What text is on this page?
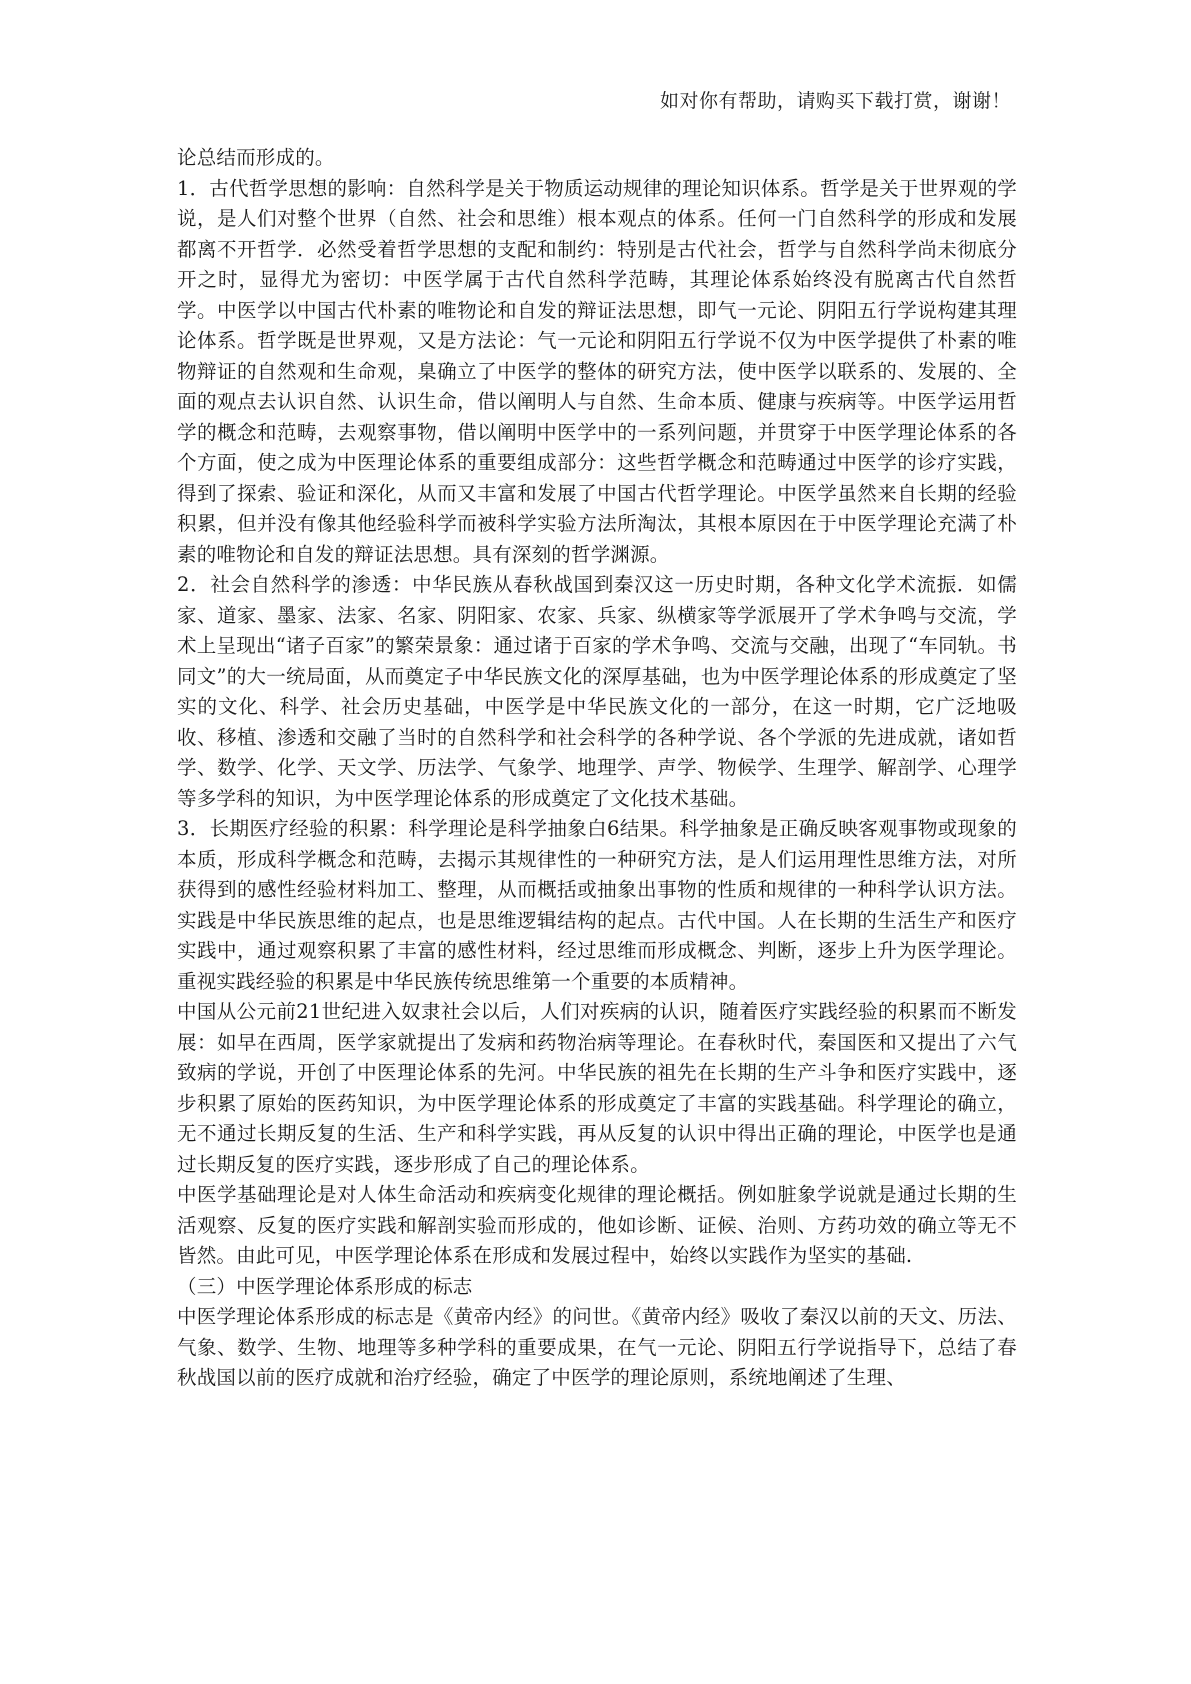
如对你有帮助，请购买下载打赏，谢谢！

论总结而形成的。

1．古代哲学思想的影响：自然科学是关于物质运动规律的理论知识体系。哲学是关于世界观的学说，是人们对整个世界（自然、社会和思维）根本观点的体系。任何一门自然科学的形成和发展都离不开哲学．必然受着哲学思想的支配和制约：特别是古代社会，哲学与自然科学尚未彻底分开之时，显得尤为密切：中医学属于古代自然科学范畴，其理论体系始终没有脱离古代自然哲学。中医学以中国古代朴素的唯物论和自发的辩证法思想，即气一元论、阴阳五行学说构建其理论体系。哲学既是世界观，又是方法论：气一元论和阴阳五行学说不仅为中医学提供了朴素的唯物辩证的自然观和生命观，臬确立了中医学的整体的研究方法，使中医学以联系的、发展的、全面的观点去认识自然、认识生命，借以阐明人与自然、生命本质、健康与疾病等。中医学运用哲学的概念和范畴，去观察事物，借以阐明中医学中的一系列问题，并贯穿于中医学理论体系的各个方面，使之成为中医理论体系的重要组成部分：这些哲学概念和范畴通过中医学的诊疗实践，得到了探索、验证和深化，从而又丰富和发展了中国古代哲学理论。中医学虽然来自长期的经验积累，但并没有像其他经验科学而被科学实验方法所淘汰，其根本原因在于中医学理论充满了朴素的唯物论和自发的辩证法思想。具有深刻的哲学渊源。

2．社会自然科学的渗透：中华民族从春秋战国到秦汉这一历史时期，各种文化学术流振．如儒家、道家、墨家、法家、名家、阴阳家、农家、兵家、纵横家等学派展开了学术争鸣与交流，学术上呈现出“诸子百家”的繁荣景象：通过诸于百家的学术争鸣、交流与交融，出现了“车同轨。书同文”的大一统局面，从而奠定子中华民族文化的深厚基础，也为中医学理论体系的形成奠定了坚实的文化、科学、社会历史基础，中医学是中华民族文化的一部分，在这一时期，它广泛地吸收、移植、渗透和交融了当时的自然科学和社会科学的各种学说、各个学派的先进成就，诸如哲学、数学、化学、天文学、历法学、气象学、地理学、声学、物候学、生理学、解剖学、心理学等多学科的知识，为中医学理论体系的形成奠定了文化技术基础。

3．长期医疗经验的积累：科学理论是科学抽象白6结果。科学抽象是正确反映客观事物或现象的本质，形成科学概念和范畴，去揭示其规律性的一种研究方法，是人们运用理性思维方法，对所获得到的感性经验材料加工、整理，从而概括或抽象出事物的性质和规律的一种科学认识方法。实践是中华民族思维的起点，也是思维逻辑结构的起点。古代中国。人在长期的生活生产和医疗实践中，通过观察积累了丰富的感性材料，经过思维而形成概念、判断，逐步上升为医学理论。重视实践经验的积累是中华民族传统思维第一个重要的本质精神。

中国从公元前21世纪进入奴隶社会以后，人们对疾病的认识，随着医疗实践经验的积累而不断发展：如早在西周，医学家就提出了发病和药物治病等理论。在春秋时代，秦国医和又提出了六气致病的学说，开创了中医理论体系的先河。中华民族的祖先在长期的生产斗争和医疗实践中，逐步积累了原始的医药知识，为中医学理论体系的形成奠定了丰富的实践基础。科学理论的确立，无不通过长期反复的生活、生产和科学实践，再从反复的认识中得出正确的理论，中医学也是通过长期反复的医疗实践，逐步形成了自己的理论体系。

中医学基础理论是对人体生命活动和疾病变化规律的理论概括。例如脏象学说就是通过长期的生活观察、反复的医疗实践和解剖实验而形成的，他如诊断、证候、治则、方药功效的确立等无不皆然。由此可见，中医学理论体系在形成和发展过程中，始终以实践作为坚实的基础.

（三）中医学理论体系形成的标志

中医学理论体系形成的标志是《黄帝内经》的问世。《黄帝内经》吸收了秦汉以前的天文、历法、气象、数学、生物、地理等多种学科的重要成果，在气一元论、阴阳五行学说指导下，总结了春秋战国以前的医疗成就和治疗经验，确定了中医学的理论原则，系统地阐述了生理、
